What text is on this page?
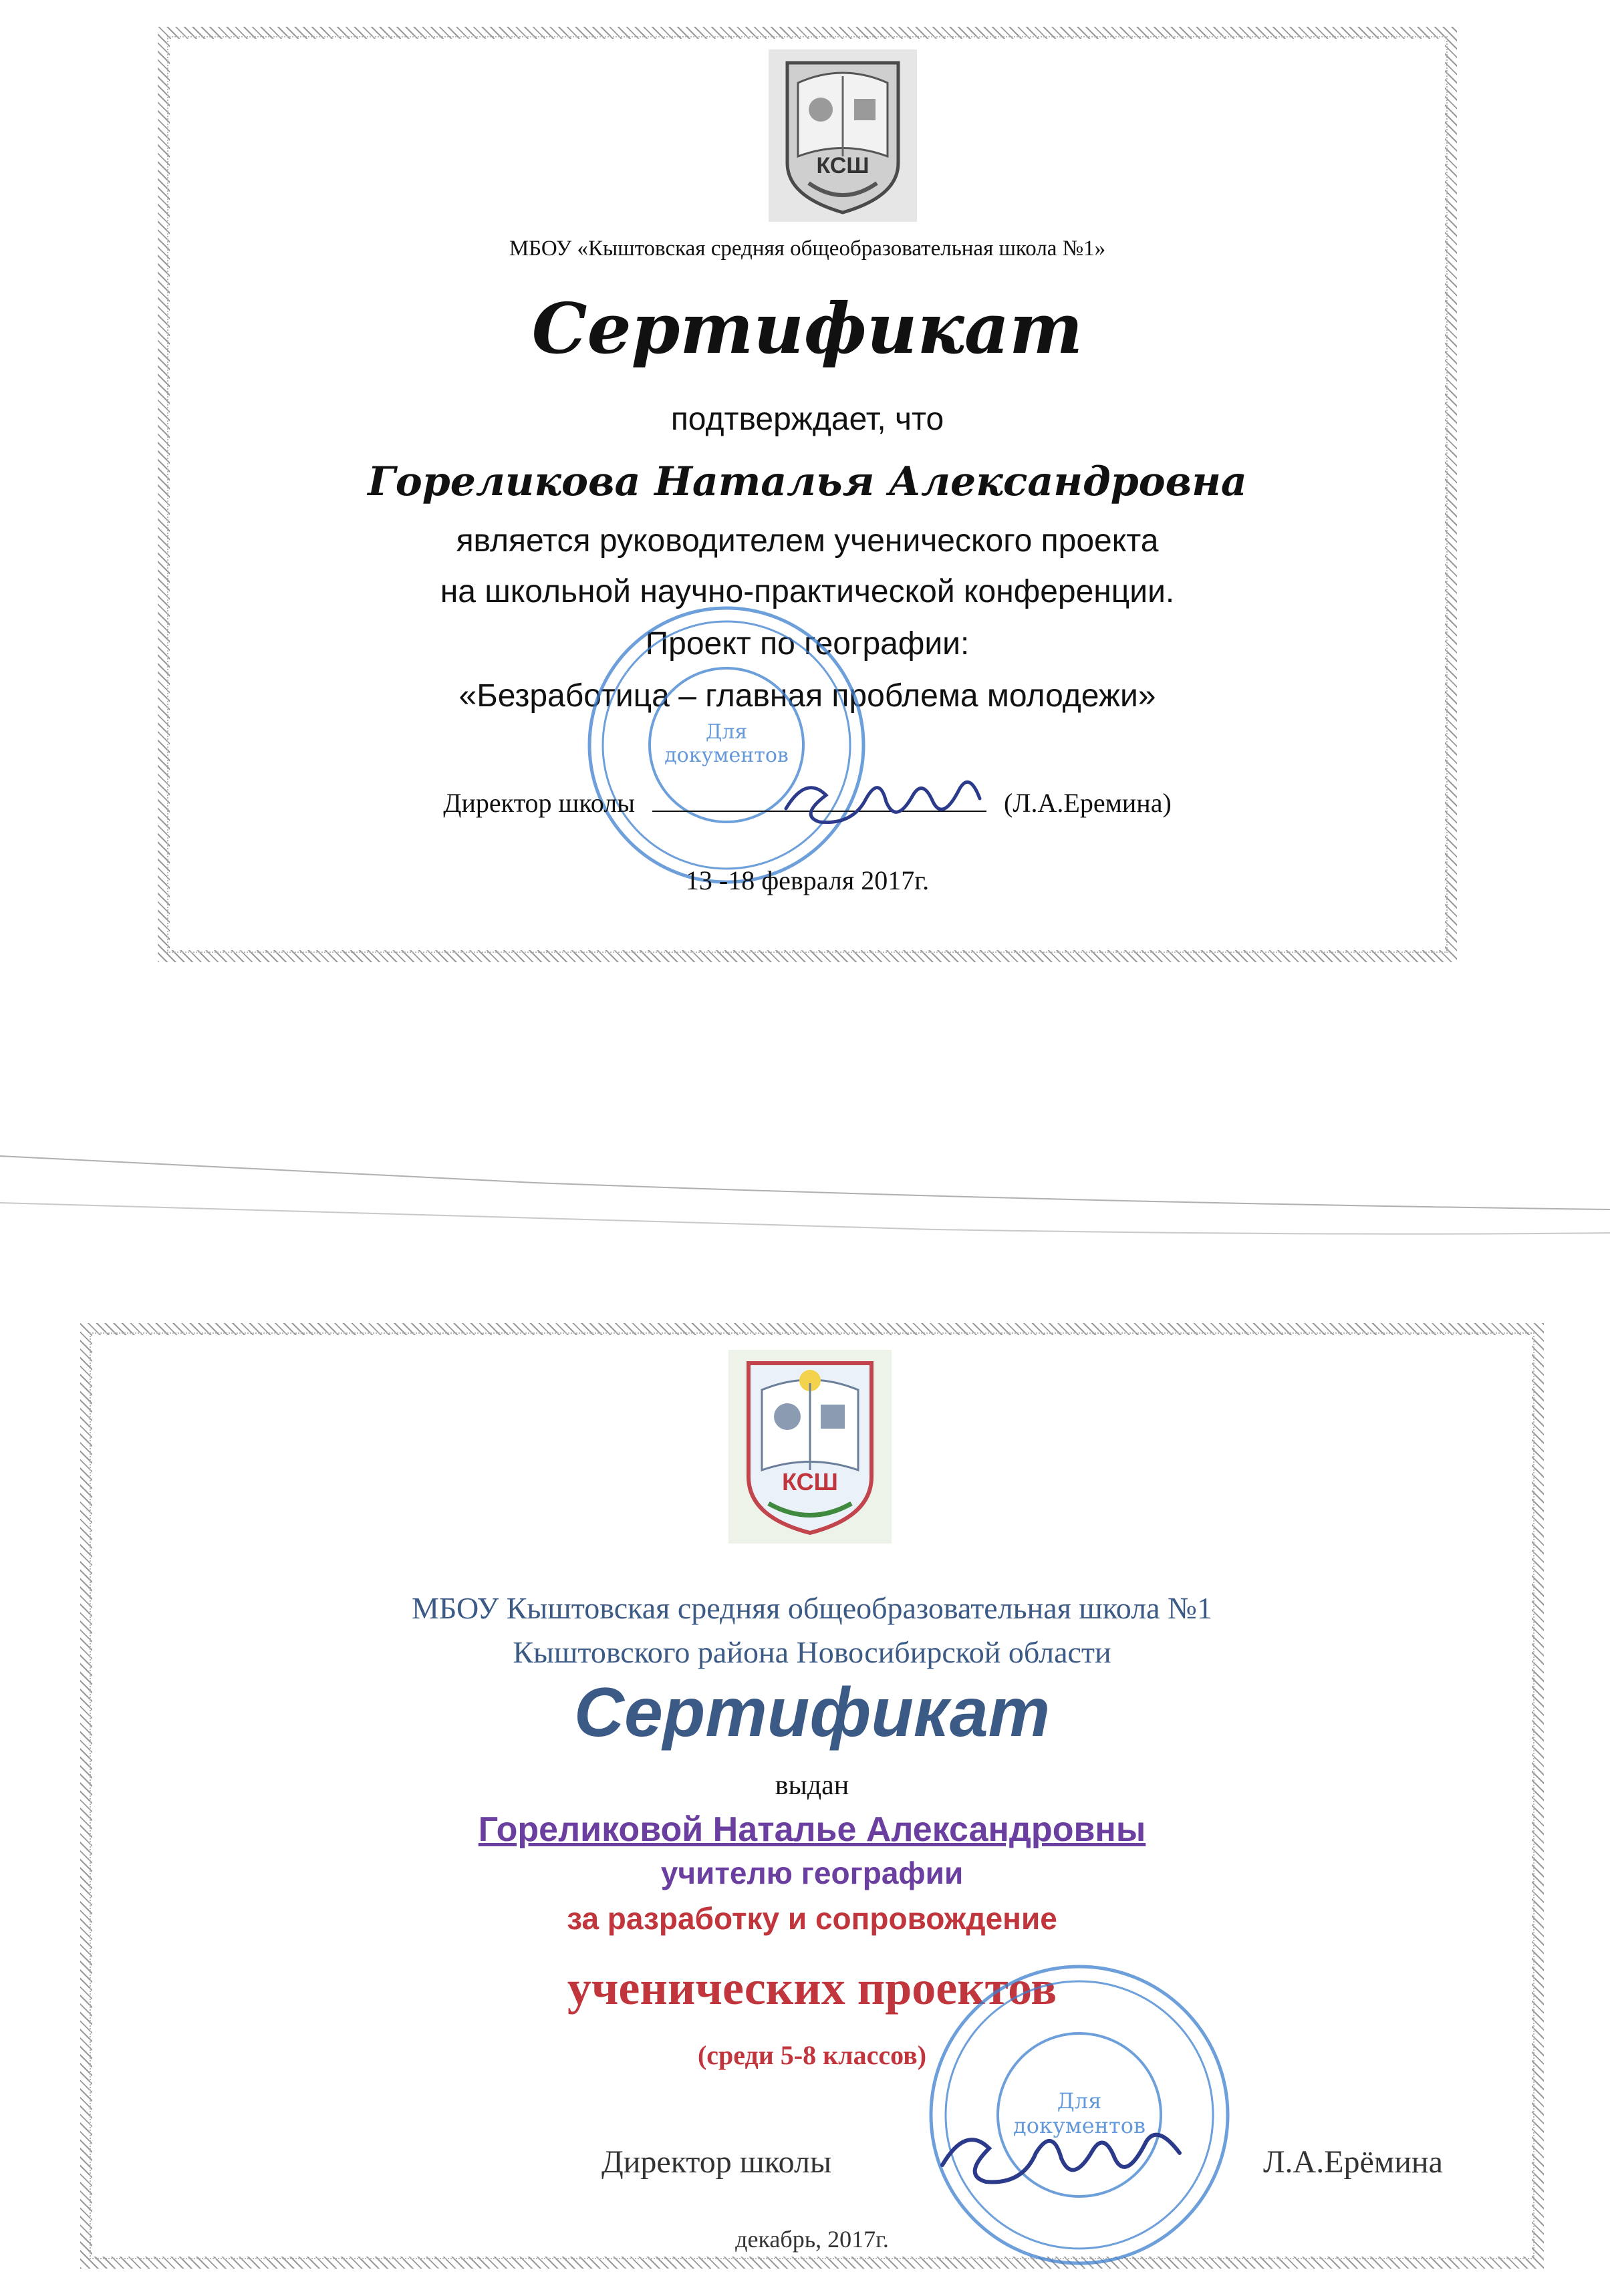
КСШ
МБОУ «Кыштовская средняя общеобразовательная школа №1»
Сертификат
подтверждает, что
Гореликова Наталья Александровна
является руководителем ученического проекта
на школьной научно-практической конференции.
Проект по географии:
«Безработица – главная проблема молодежи»
Для
документов
Директор школы	(Л.А.Еремина)
13 -18 февраля 2017г.
КСШ
МБОУ Кыштовская средняя общеобразовательная школа №1
Кыштовского района Новосибирской области
Сертификат
выдан
Гореликовой Наталье Александровны
учителю географии
за разработку и сопровождение
ученических проектов
(среди 5-8 классов)
Для
документов
Директор школы	Л.А.Ерёмина
декабрь, 2017г.
